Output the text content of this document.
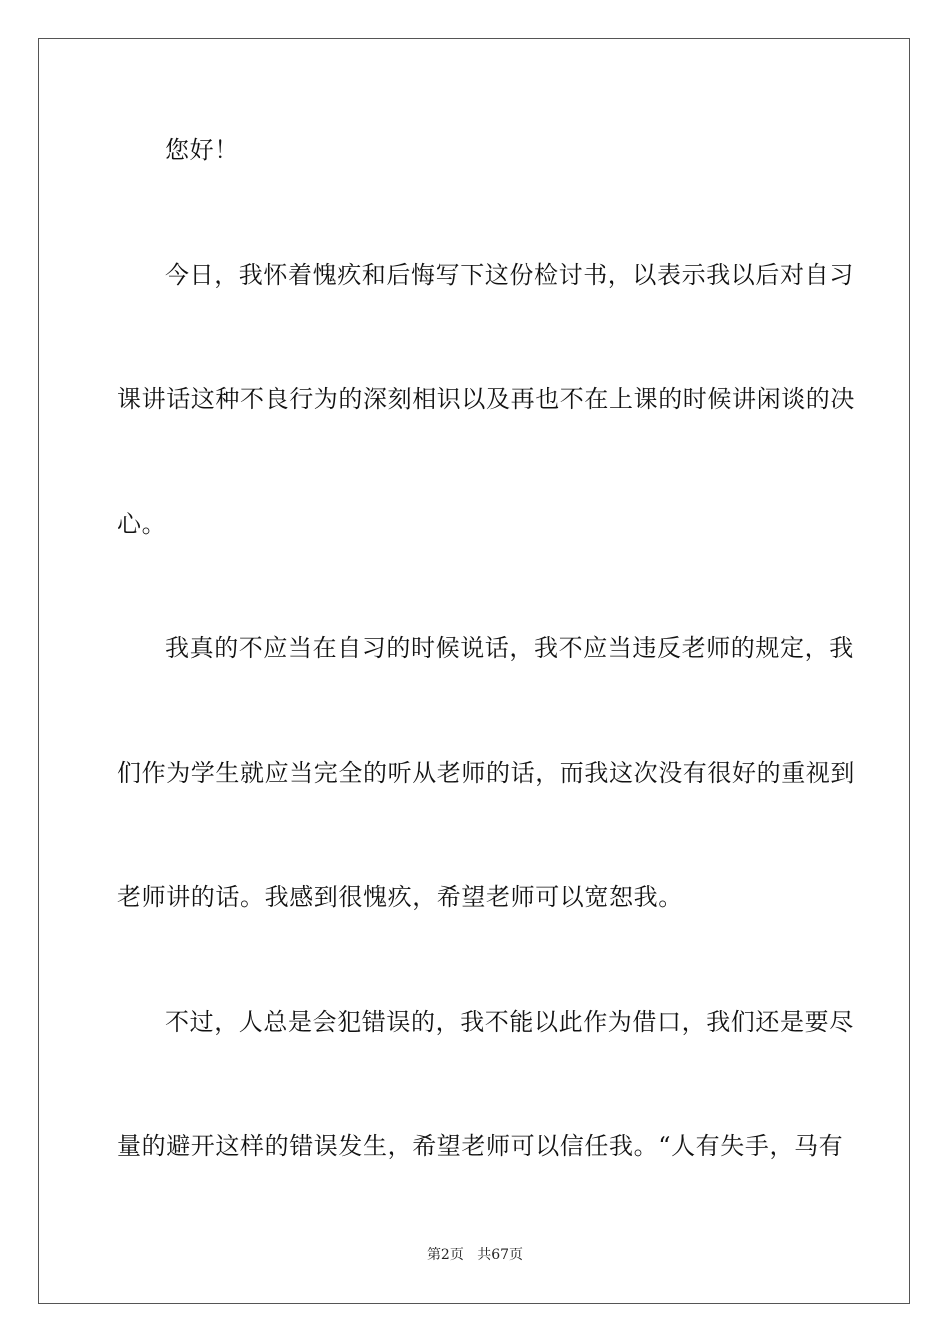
您好！
今日，我怀着愧疚和后悔写下这份检讨书，以表示我以后对自习
课讲话这种不良行为的深刻相识以及再也不在上课的时候讲闲谈的决
心。
我真的不应当在自习的时候说话，我不应当违反老师的规定，我
们作为学生就应当完全的听从老师的话，而我这次没有很好的重视到
老师讲的话。我感到很愧疚，希望老师可以宽恕我。
不过，人总是会犯错误的，我不能以此作为借口，我们还是要尽
量的避开这样的错误发生，希望老师可以信任我。“人有失手，马有
第2页 共67页
